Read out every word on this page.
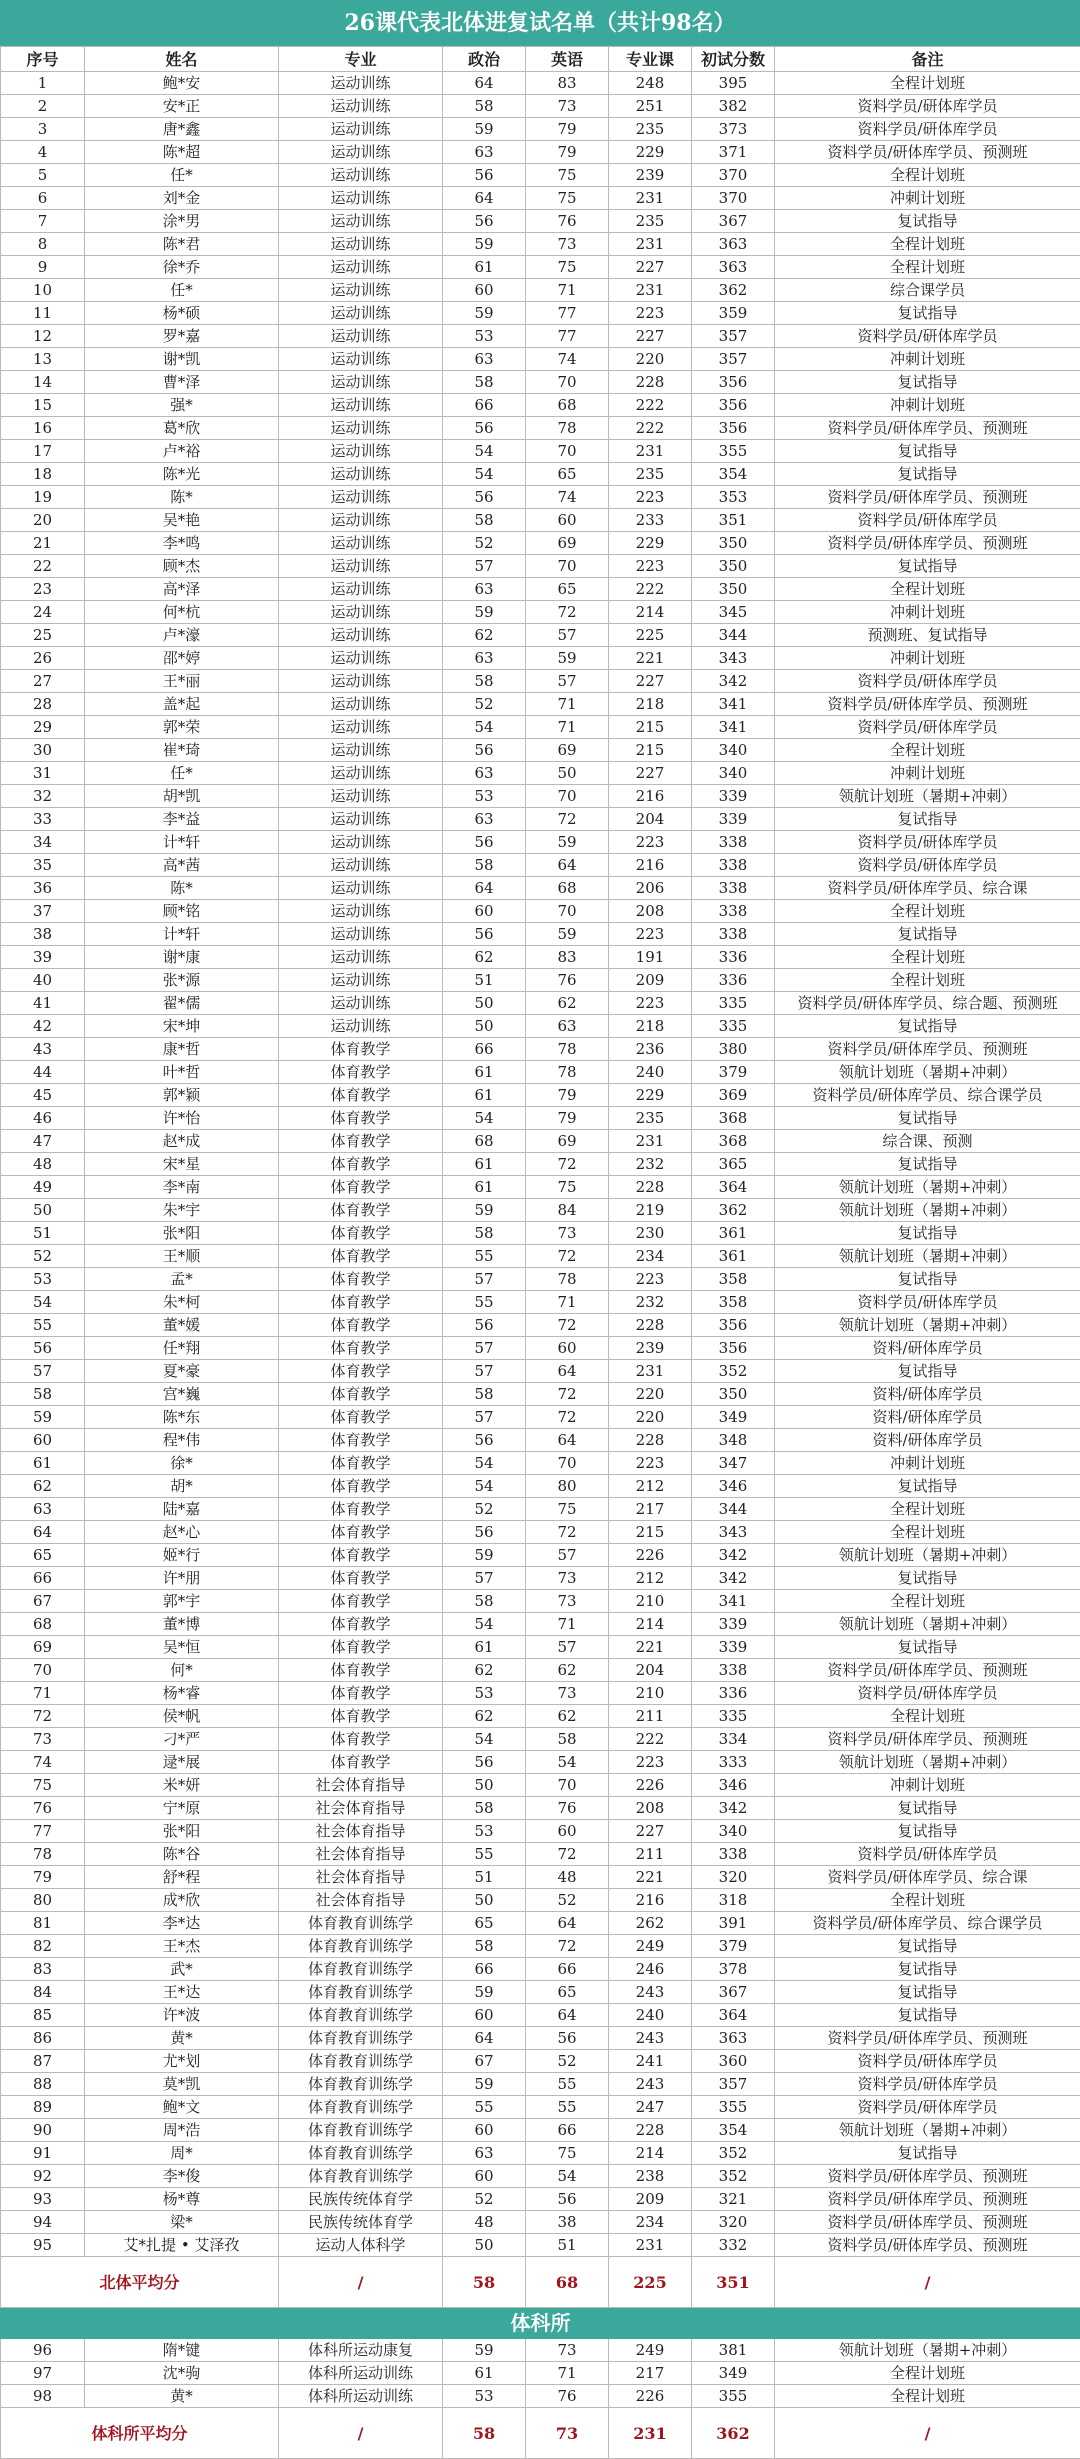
26课代表北体进复试名单（共计98名）
序号	姓名	专业	政治	英语	专业课	初试分数	备注
1	鲍*安	运动训练	64	83	248	395	全程计划班
2	安*正	运动训练	58	73	251	382	资料学员/研体库学员
3	唐*鑫	运动训练	59	79	235	373	资料学员/研体库学员
4	陈*超	运动训练	63	79	229	371	资料学员/研体库学员、预测班
5	任*	运动训练	56	75	239	370	全程计划班
6	刘*金	运动训练	64	75	231	370	冲刺计划班
7	涂*男	运动训练	56	76	235	367	复试指导
8	陈*君	运动训练	59	73	231	363	全程计划班
9	徐*乔	运动训练	61	75	227	363	全程计划班
10	任*	运动训练	60	71	231	362	综合课学员
11	杨*硕	运动训练	59	77	223	359	复试指导
12	罗*嘉	运动训练	53	77	227	357	资料学员/研体库学员
13	谢*凯	运动训练	63	74	220	357	冲刺计划班
14	曹*泽	运动训练	58	70	228	356	复试指导
15	强*	运动训练	66	68	222	356	冲刺计划班
16	葛*欣	运动训练	56	78	222	356	资料学员/研体库学员、预测班
17	卢*裕	运动训练	54	70	231	355	复试指导
18	陈*光	运动训练	54	65	235	354	复试指导
19	陈*	运动训练	56	74	223	353	资料学员/研体库学员、预测班
20	吴*艳	运动训练	58	60	233	351	资料学员/研体库学员
21	李*鸣	运动训练	52	69	229	350	资料学员/研体库学员、预测班
22	顾*杰	运动训练	57	70	223	350	复试指导
23	高*泽	运动训练	63	65	222	350	全程计划班
24	何*杭	运动训练	59	72	214	345	冲刺计划班
25	卢*濠	运动训练	62	57	225	344	预测班、复试指导
26	邵*婷	运动训练	63	59	221	343	冲刺计划班
27	王*丽	运动训练	58	57	227	342	资料学员/研体库学员
28	盖*起	运动训练	52	71	218	341	资料学员/研体库学员、预测班
29	郭*荣	运动训练	54	71	215	341	资料学员/研体库学员
30	崔*琦	运动训练	56	69	215	340	全程计划班
31	任*	运动训练	63	50	227	340	冲刺计划班
32	胡*凯	运动训练	53	70	216	339	领航计划班（暑期+冲刺）
33	李*益	运动训练	63	72	204	339	复试指导
34	计*轩	运动训练	56	59	223	338	资料学员/研体库学员
35	高*茜	运动训练	58	64	216	338	资料学员/研体库学员
36	陈*	运动训练	64	68	206	338	资料学员/研体库学员、综合课
37	顾*铭	运动训练	60	70	208	338	全程计划班
38	计*轩	运动训练	56	59	223	338	复试指导
39	谢*康	运动训练	62	83	191	336	全程计划班
40	张*源	运动训练	51	76	209	336	全程计划班
41	翟*儒	运动训练	50	62	223	335	资料学员/研体库学员、综合题、预测班
42	宋*坤	运动训练	50	63	218	335	复试指导
43	康*哲	体育教学	66	78	236	380	资料学员/研体库学员、预测班
44	叶*哲	体育教学	61	78	240	379	领航计划班（暑期+冲刺）
45	郭*颖	体育教学	61	79	229	369	资料学员/研体库学员、综合课学员
46	许*怡	体育教学	54	79	235	368	复试指导
47	赵*成	体育教学	68	69	231	368	综合课、预测
48	宋*星	体育教学	61	72	232	365	复试指导
49	李*南	体育教学	61	75	228	364	领航计划班（暑期+冲刺）
50	朱*宇	体育教学	59	84	219	362	领航计划班（暑期+冲刺）
51	张*阳	体育教学	58	73	230	361	复试指导
52	王*顺	体育教学	55	72	234	361	领航计划班（暑期+冲刺）
53	孟*	体育教学	57	78	223	358	复试指导
54	朱*柯	体育教学	55	71	232	358	资料学员/研体库学员
55	董*媛	体育教学	56	72	228	356	领航计划班（暑期+冲刺）
56	任*翔	体育教学	57	60	239	356	资料/研体库学员
57	夏*豪	体育教学	57	64	231	352	复试指导
58	宫*巍	体育教学	58	72	220	350	资料/研体库学员
59	陈*东	体育教学	57	72	220	349	资料/研体库学员
60	程*伟	体育教学	56	64	228	348	资料/研体库学员
61	徐*	体育教学	54	70	223	347	冲刺计划班
62	胡*	体育教学	54	80	212	346	复试指导
63	陆*嘉	体育教学	52	75	217	344	全程计划班
64	赵*心	体育教学	56	72	215	343	全程计划班
65	姬*行	体育教学	59	57	226	342	领航计划班（暑期+冲刺）
66	许*朋	体育教学	57	73	212	342	复试指导
67	郭*宇	体育教学	58	73	210	341	全程计划班
68	董*博	体育教学	54	71	214	339	领航计划班（暑期+冲刺）
69	吴*恒	体育教学	61	57	221	339	复试指导
70	何*	体育教学	62	62	204	338	资料学员/研体库学员、预测班
71	杨*睿	体育教学	53	73	210	336	资料学员/研体库学员
72	侯*帆	体育教学	62	62	211	335	全程计划班
73	刁*严	体育教学	54	58	222	334	资料学员/研体库学员、预测班
74	逯*展	体育教学	56	54	223	333	领航计划班（暑期+冲刺）
75	米*妍	社会体育指导	50	70	226	346	冲刺计划班
76	宁*原	社会体育指导	58	76	208	342	复试指导
77	张*阳	社会体育指导	53	60	227	340	复试指导
78	陈*谷	社会体育指导	55	72	211	338	资料学员/研体库学员
79	舒*程	社会体育指导	51	48	221	320	资料学员/研体库学员、综合课
80	成*欣	社会体育指导	50	52	216	318	全程计划班
81	李*达	体育教育训练学	65	64	262	391	资料学员/研体库学员、综合课学员
82	王*杰	体育教育训练学	58	72	249	379	复试指导
83	武*	体育教育训练学	66	66	246	378	复试指导
84	王*达	体育教育训练学	59	65	243	367	复试指导
85	许*波	体育教育训练学	60	64	240	364	复试指导
86	黄*	体育教育训练学	64	56	243	363	资料学员/研体库学员、预测班
87	尤*划	体育教育训练学	67	52	241	360	资料学员/研体库学员
88	莫*凯	体育教育训练学	59	55	243	357	资料学员/研体库学员
89	鲍*文	体育教育训练学	55	55	247	355	资料学员/研体库学员
90	周*浩	体育教育训练学	60	66	228	354	领航计划班（暑期+冲刺）
91	周*	体育教育训练学	63	75	214	352	复试指导
92	李*俊	体育教育训练学	60	54	238	352	资料学员/研体库学员、预测班
93	杨*尊	民族传统体育学	52	56	209	321	资料学员/研体库学员、预测班
94	梁*	民族传统体育学	48	38	234	320	资料学员/研体库学员、预测班
95	艾*扎提 • 艾泽孜	运动人体科学	50	51	231	332	资料学员/研体库学员、预测班
北体平均分		/	58	68	225	351	/
体科所							
96	隋*键	体科所运动康复	59	73	249	381	领航计划班（暑期+冲刺）
97	沈*驹	体科所运动训练	61	71	217	349	全程计划班
98	黄*	体科所运动训练	53	76	226	355	全程计划班
体科所平均分		/	58	73	231	362	/
